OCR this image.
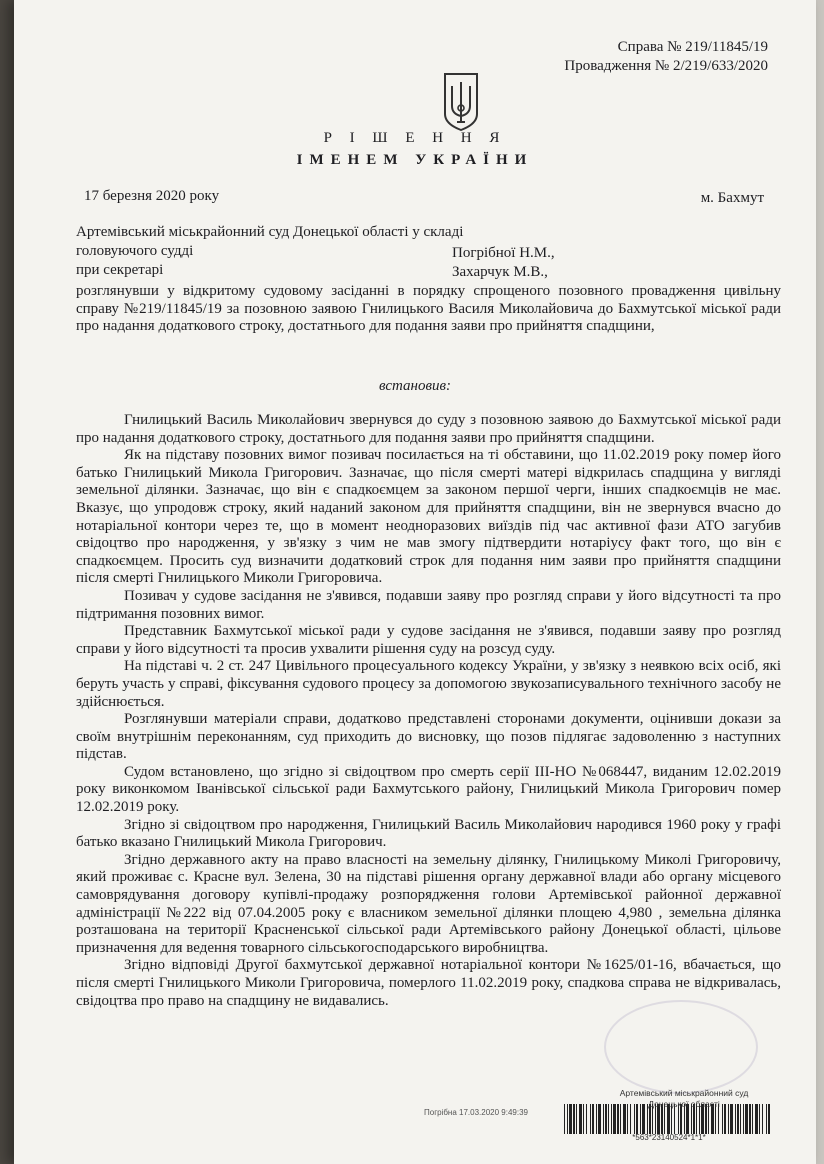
Справа № 219/11845/19
Провадження № 2/219/633/2020
Р І Ш Е Н Н Я
ІМЕНЕМ УКРАЇНИ
17 березня 2020 року	м. Бахмут
Артемівський міськрайонний суд Донецької області у складі
головуючого судді	Погрібної Н.М.,
при секретарі	Захарчук М.В.,

розглянувши у відкритому судовому засіданні в порядку спрощеного позовного провадження цивільну справу №219/11845/19 за позовною заявою Гнилицького Василя Миколайовича до Бахмутської міської ради про надання додаткового строку, достатнього для подання заяви про прийняття спадщини,

встановив:

Гнилицький Василь Миколайович звернувся до суду з позовною заявою до Бахмутської міської ради про надання додаткового строку, достатнього для подання заяви про прийняття спадщини.

Як на підставу позовних вимог позивач посилається на ті обставини, що 11.02.2019 року помер його батько Гнилицький Микола Григорович. Зазначає, що після смерті матері відкрилась спадщина у вигляді земельної ділянки. Зазначає, що він є спадкоємцем за законом першої черги, інших спадкоємців не має. Вказує, що упродовж строку, який наданий законом для прийняття спадщини, він не звернувся вчасно до нотаріальної контори через те, що в момент неодноразових виїздів під час активної фази АТО загубив свідоцтво про народження, у зв'язку з чим не мав змогу підтвердити нотаріусу факт того, що він є спадкоємцем. Просить суд визначити додатковий строк для подання ним заяви про прийняття спадщини після смерті Гнилицького Миколи Григоровича.

Позивач у судове засідання не з'явився, подавши заяву про розгляд справи у його відсутності та про підтримання позовних вимог.

Представник Бахмутської міської ради у судове засідання не з'явився, подавши заяву про розгляд справи у його відсутності та просив ухвалити рішення суду на розсуд суду.

На підставі ч. 2 ст. 247 Цивільного процесуального кодексу України, у зв'язку з неявкою всіх осіб, які беруть участь у справі, фіксування судового процесу за допомогою звукозаписувального технічного засобу не здійснюється.

Розглянувши матеріали справи, додатково представлені сторонами документи, оцінивши докази за своїм внутрішнім переконанням, суд приходить до висновку, що позов підлягає задоволенню з наступних підстав.

Судом встановлено, що згідно зі свідоцтвом про смерть серії ІІІ-НО №068447, виданим 12.02.2019 року виконкомом Іванівської сільської ради Бахмутського району, Гнилицький Микола Григорович помер 12.02.2019 року.

Згідно зі свідоцтвом про народження, Гнилицький Василь Миколайович народився 1960 року у графі батько вказано Гнилицький Микола Григорович.

Згідно державного акту на право власності на земельну ділянку, Гнилицькому Миколі Григоровичу, який проживає с. Красне вул. Зелена, 30 на підставі рішення органу державної влади або органу місцевого самоврядування договору купівлі-продажу розпорядження голови Артемівської районної державної адміністрації №222 від 07.04.2005 року є власником земельної ділянки площею 4,980 , земельна ділянка розташована на території Красненської сільської ради Артемівського району Донецької області, цільове призначення для ведення товарного сільськогосподарського виробництва.

Згідно відповіді Другої бахмутської державної нотаріальної контори №1625/01-16, вбачається, що після смерті Гнилицького Миколи Григоровича, померлого 11.02.2019 року, спадкова справа не відкривалась, свідоцтва про право на спадщину не видавались.

Артемівський міськрайонний суд
Погрібна 17.03.2020 9:49:39
Донецької області
*563*23140524*1*1*
